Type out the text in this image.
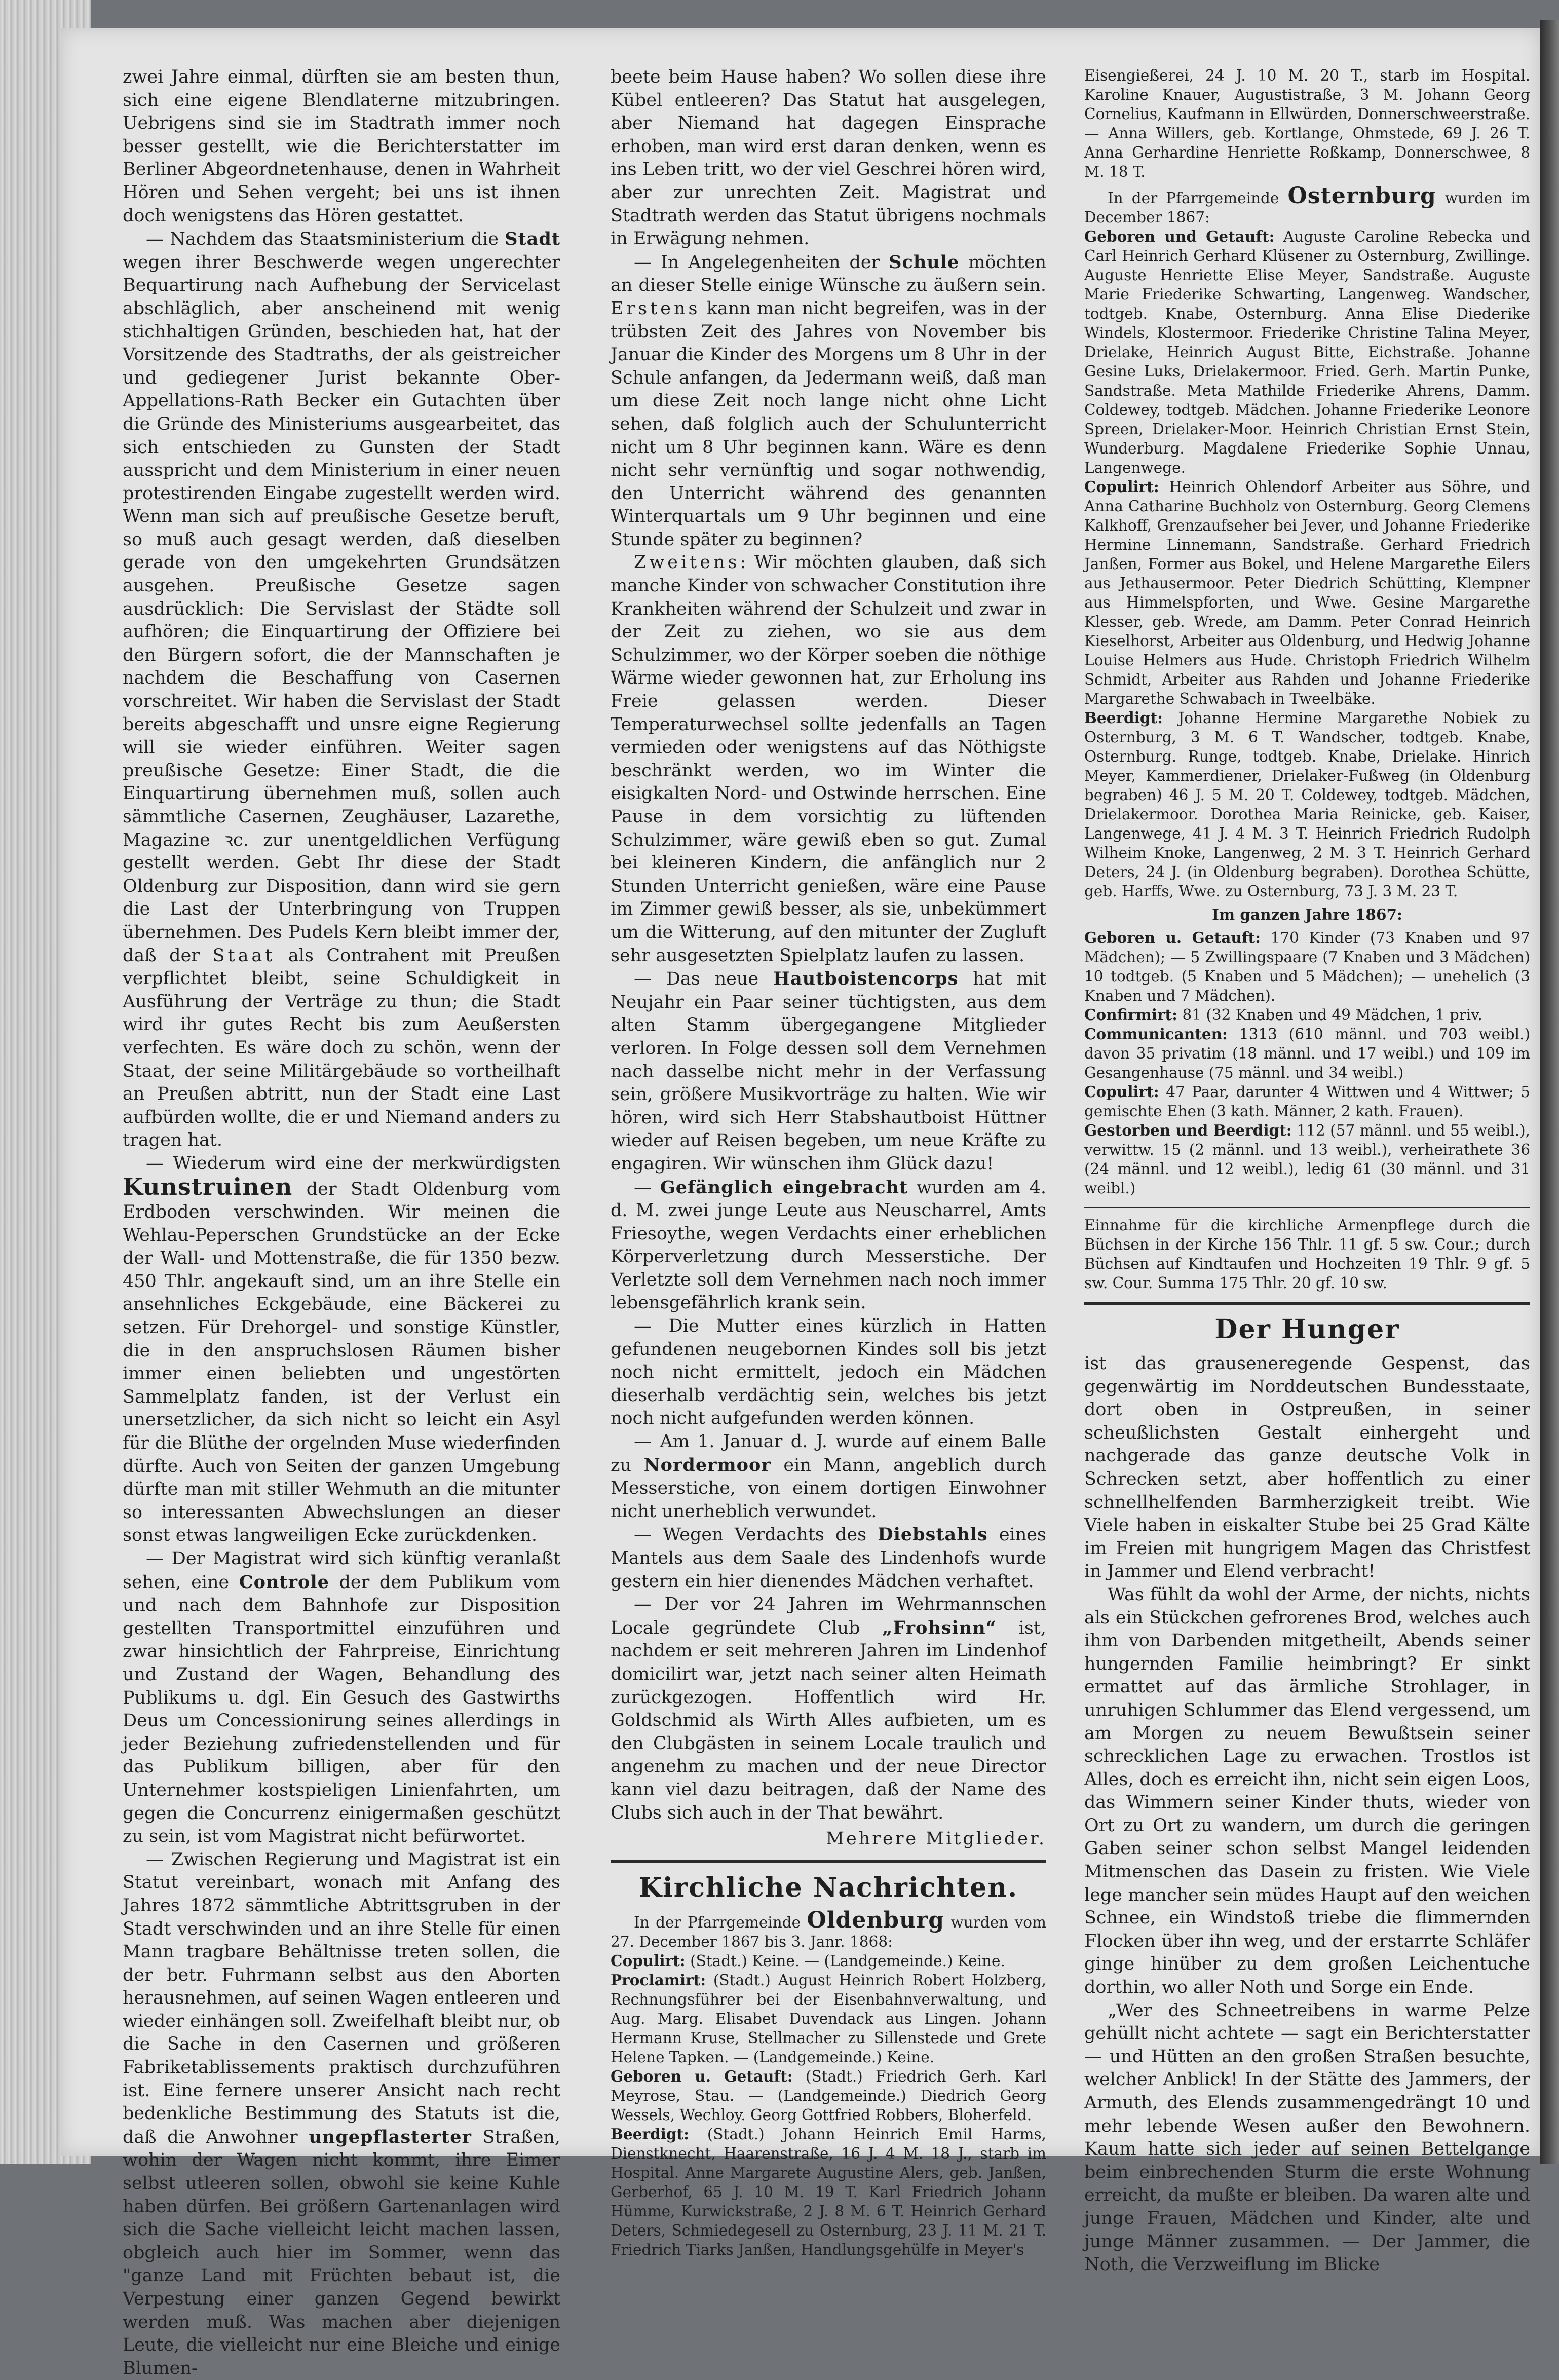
zwei Jahre einmal, dürften sie am besten thun, sich eine eigene Blendlaterne mitzubringen. Uebrigens sind sie im Stadtrath immer noch besser gestellt, wie die Berichterstatter im Berliner Abgeordnetenhause, denen in Wahrheit Hören und Sehen vergeht; bei uns ist ihnen doch wenigstens das Hören gestattet.

— Nachdem das Staatsministerium die Stadt wegen ihrer Beschwerde wegen ungerechter Bequartirung nach Aufhebung der Servicelast abschläglich, aber anscheinend mit wenig stichhaltigen Gründen, beschieden hat, hat der Vorsitzende des Stadtraths, der als geistreicher und gediegener Jurist bekannte Ober-Appellations-Rath Becker ein Gutachten über die Gründe des Ministeriums ausgearbeitet, das sich entschieden zu Gunsten der Stadt ausspricht und dem Ministerium in einer neuen protestirenden Eingabe zugestellt werden wird. Wenn man sich auf preußische Gesetze beruft, so muß auch gesagt werden, daß dieselben gerade von den umgekehrten Grundsätzen ausgehen. Preußische Gesetze sagen ausdrücklich: Die Servislast der Städte soll aufhören; die Einquartirung der Offiziere bei den Bürgern sofort, die der Mannschaften je nachdem die Beschaffung von Casernen vorschreitet. Wir haben die Servislast der Stadt bereits abgeschafft und unsre eigne Regierung will sie wieder einführen. Weiter sagen preußische Gesetze: Einer Stadt, die die Einquartirung übernehmen muß, sollen auch sämmtliche Casernen, Zeughäuser, Lazarethe, Magazine ꝛc. zur unentgeldlichen Verfügung gestellt werden. Gebt Ihr diese der Stadt Oldenburg zur Disposition, dann wird sie gern die Last der Unterbringung von Truppen übernehmen. Des Pudels Kern bleibt immer der, daß der Staat als Contrahent mit Preußen verpflichtet bleibt, seine Schuldigkeit in Ausführung der Verträge zu thun; die Stadt wird ihr gutes Recht bis zum Aeußersten verfechten. Es wäre doch zu schön, wenn der Staat, der seine Militärgebäude so vortheilhaft an Preußen abtritt, nun der Stadt eine Last aufbürden wollte, die er und Niemand anders zu tragen hat.

— Wiederum wird eine der merkwürdigsten Kunstruinen der Stadt Oldenburg vom Erdboden verschwinden. Wir meinen die Wehlau-Peperschen Grundstücke an der Ecke der Wall- und Mottenstraße, die für 1350 bezw. 450 Thlr. angekauft sind, um an ihre Stelle ein ansehnliches Eckgebäude, eine Bäckerei zu setzen. Für Drehorgel- und sonstige Künstler, die in den anspruchslosen Räumen bisher immer einen beliebten und ungestörten Sammelplatz fanden, ist der Verlust ein unersetzlicher, da sich nicht so leicht ein Asyl für die Blüthe der orgelnden Muse wiederfinden dürfte. Auch von Seiten der ganzen Umgebung dürfte man mit stiller Wehmuth an die mitunter so interessanten Abwechslungen an dieser sonst etwas langweiligen Ecke zurückdenken.

— Der Magistrat wird sich künftig veranlaßt sehen, eine Controle der dem Publikum vom und nach dem Bahnhofe zur Disposition gestellten Transportmittel einzuführen und zwar hinsichtlich der Fahrpreise, Einrichtung und Zustand der Wagen, Behandlung des Publikums u. dgl. Ein Gesuch des Gastwirths Deus um Concessionirung seines allerdings in jeder Beziehung zufriedenstellenden und für das Publikum billigen, aber für den Unternehmer kostspieligen Linienfahrten, um gegen die Concurrenz einigermaßen geschützt zu sein, ist vom Magistrat nicht befürwortet.

— Zwischen Regierung und Magistrat ist ein Statut vereinbart, wonach mit Anfang des Jahres 1872 sämmtliche Abtrittsgruben in der Stadt verschwinden und an ihre Stelle für einen Mann tragbare Behältnisse treten sollen, die der betr. Fuhrmann selbst aus den Aborten herausnehmen, auf seinen Wagen entleeren und wieder einhängen soll. Zweifelhaft bleibt nur, ob die Sache in den Casernen und größeren Fabriketablissements praktisch durchzuführen ist. Eine fernere unserer Ansicht nach recht bedenkliche Bestimmung des Statuts ist die, daß die Anwohner ungepflasterter Straßen, wohin der Wagen nicht kommt, ihre Eimer selbst utleeren sollen, obwohl sie keine Kuhle haben dürfen. Bei größern Gartenanlagen wird sich die Sache vielleicht leicht machen lassen, obgleich auch hier im Sommer, wenn das "ganze Land mit Früchten bebaut ist, die Verpestung einer ganzen Gegend bewirkt werden muß. Was machen aber diejenigen Leute, die vielleicht nur eine Bleiche und einige Blumen-

beete beim Hause haben? Wo sollen diese ihre Kübel entleeren? Das Statut hat ausgelegen, aber Niemand hat dagegen Einsprache erhoben, man wird erst daran denken, wenn es ins Leben tritt, wo der viel Geschrei hören wird, aber zur unrechten Zeit. Magistrat und Stadtrath werden das Statut übrigens nochmals in Erwägung nehmen.

— In Angelegenheiten der Schule möchten an dieser Stelle einige Wünsche zu äußern sein. Erstens kann man nicht begreifen, was in der trübsten Zeit des Jahres von November bis Januar die Kinder des Morgens um 8 Uhr in der Schule anfangen, da Jedermann weiß, daß man um diese Zeit noch lange nicht ohne Licht sehen, daß folglich auch der Schulunterricht nicht um 8 Uhr beginnen kann. Wäre es denn nicht sehr vernünftig und sogar nothwendig, den Unterricht während des genannten Winterquartals um 9 Uhr beginnen und eine Stunde später zu beginnen?

Zweitens: Wir möchten glauben, daß sich manche Kinder von schwacher Constitution ihre Krankheiten während der Schulzeit und zwar in der Zeit zu ziehen, wo sie aus dem Schulzimmer, wo der Körper soeben die nöthige Wärme wieder gewonnen hat, zur Erholung ins Freie gelassen werden. Dieser Temperaturwechsel sollte jedenfalls an Tagen vermieden oder wenigstens auf das Nöthigste beschränkt werden, wo im Winter die eisigkalten Nord- und Ostwinde herrschen. Eine Pause in dem vorsichtig zu lüftenden Schulzimmer, wäre gewiß eben so gut. Zumal bei kleineren Kindern, die anfänglich nur 2 Stunden Unterricht genießen, wäre eine Pause im Zimmer gewiß besser, als sie, unbekümmert um die Witterung, auf den mitunter der Zugluft sehr ausgesetzten Spielplatz laufen zu lassen.

— Das neue Hautboistencorps hat mit Neujahr ein Paar seiner tüchtigsten, aus dem alten Stamm übergegangene Mitglieder verloren. In Folge dessen soll dem Vernehmen nach dasselbe nicht mehr in der Verfassung sein, größere Musikvorträge zu halten. Wie wir hören, wird sich Herr Stabshautboist Hüttner wieder auf Reisen begeben, um neue Kräfte zu engagiren. Wir wünschen ihm Glück dazu!

— Gefänglich eingebracht wurden am 4. d. M. zwei junge Leute aus Neuscharrel, Amts Friesoythe, wegen Verdachts einer erheblichen Körperverletzung durch Messerstiche. Der Verletzte soll dem Vernehmen nach noch immer lebensgefährlich krank sein.

— Die Mutter eines kürzlich in Hatten gefundenen neugebornen Kindes soll bis jetzt noch nicht ermittelt, jedoch ein Mädchen dieserhalb verdächtig sein, welches bis jetzt noch nicht aufgefunden werden können.

— Am 1. Januar d. J. wurde auf einem Balle zu Nordermoor ein Mann, angeblich durch Messerstiche, von einem dortigen Einwohner nicht unerheblich verwundet.

— Wegen Verdachts des Diebstahls eines Mantels aus dem Saale des Lindenhofs wurde gestern ein hier dienendes Mädchen verhaftet.

— Der vor 24 Jahren im Wehrmannschen Locale gegründete Club „Frohsinn“ ist, nachdem er seit mehreren Jahren im Lindenhof domicilirt war, jetzt nach seiner alten Heimath zurückgezogen. Hoffentlich wird Hr. Goldschmid als Wirth Alles aufbieten, um es den Clubgästen in seinem Locale traulich und angenehm zu machen und der neue Director kann viel dazu beitragen, daß der Name des Clubs sich auch in der That bewährt.

Mehrere Mitglieder.

Kirchliche Nachrichten.

In der Pfarrgemeinde Oldenburg wurden vom 27. December 1867 bis 3. Janr. 1868:

Copulirt: (Stadt.) Keine. — (Landgemeinde.) Keine.

Proclamirt: (Stadt.) August Heinrich Robert Holzberg, Rechnungsführer bei der Eisenbahnverwaltung, und Aug. Marg. Elisabet Duvendack aus Lingen. Johann Hermann Kruse, Stellmacher zu Sillenstede und Grete Helene Tapken. — (Landgemeinde.) Keine.

Geboren u. Getauft: (Stadt.) Friedrich Gerh. Karl Meyrose, Stau. — (Landgemeinde.) Diedrich Georg Wessels, Wechloy. Georg Gottfried Robbers, Bloherfeld.

Beerdigt: (Stadt.) Johann Heinrich Emil Harms, Dienstknecht, Haarenstraße, 16 J. 4 M. 18 J., starb im Hospital. Anne Margarete Augustine Alers, geb. Janßen, Gerberhof, 65 J. 10 M. 19 T. Karl Friedrich Johann Hümme, Kurwickstraße, 2 J. 8 M. 6 T. Heinrich Gerhard Deters, Schmiedegesell zu Osternburg, 23 J. 11 M. 21 T. Friedrich Tiarks Janßen, Handlungsgehülfe in Meyer's

Eisengießerei, 24 J. 10 M. 20 T., starb im Hospital. Karoline Knauer, Augustistraße, 3 M. Johann Georg Cornelius, Kaufmann in Ellwürden, Donnerschweerstraße. — Anna Willers, geb. Kortlange, Ohmstede, 69 J. 26 T. Anna Gerhardine Henriette Roßkamp, Donnerschwee, 8 M. 18 T.

In der Pfarrgemeinde Osternburg wurden im December 1867:

Geboren und Getauft: Auguste Caroline Rebecka und Carl Heinrich Gerhard Klüsener zu Osternburg, Zwillinge. Auguste Henriette Elise Meyer, Sandstraße. Auguste Marie Friederike Schwarting, Langenweg. Wandscher, todtgeb. Knabe, Osternburg. Anna Elise Diederike Windels, Klostermoor. Friederike Christine Talina Meyer, Drielake, Heinrich August Bitte, Eichstraße. Johanne Gesine Luks, Drielakermoor. Fried. Gerh. Martin Punke, Sandstraße. Meta Mathilde Friederike Ahrens, Damm. Coldewey, todtgeb. Mädchen. Johanne Friederike Leonore Spreen, Drielaker-Moor. Heinrich Christian Ernst Stein, Wunderburg. Magdalene Friederike Sophie Unnau, Langenwege.

Copulirt: Heinrich Ohlendorf Arbeiter aus Söhre, und Anna Catharine Buchholz von Osternburg. Georg Clemens Kalkhoff, Grenzaufseher bei Jever, und Johanne Friederike Hermine Linnemann, Sandstraße. Gerhard Friedrich Janßen, Former aus Bokel, und Helene Margarethe Eilers aus Jethausermoor. Peter Diedrich Schütting, Klempner aus Himmelspforten, und Wwe. Gesine Margarethe Klesser, geb. Wrede, am Damm. Peter Conrad Heinrich Kieselhorst, Arbeiter aus Oldenburg, und Hedwig Johanne Louise Helmers aus Hude. Christoph Friedrich Wilhelm Schmidt, Arbeiter aus Rahden und Johanne Friederike Margarethe Schwabach in Tweelbäke.

Beerdigt: Johanne Hermine Margarethe Nobiek zu Osternburg, 3 M. 6 T. Wandscher, todtgeb. Knabe, Osternburg. Runge, todtgeb. Knabe, Drielake. Hinrich Meyer, Kammerdiener, Drielaker-Fußweg (in Oldenburg begraben) 46 J. 5 M. 20 T. Coldewey, todtgeb. Mädchen, Drielakermoor. Dorothea Maria Reinicke, geb. Kaiser, Langenwege, 41 J. 4 M. 3 T. Heinrich Friedrich Rudolph Wilheim Knoke, Langenweg, 2 M. 3 T. Heinrich Gerhard Deters, 24 J. (in Oldenburg begraben). Dorothea Schütte, geb. Harffs, Wwe. zu Osternburg, 73 J. 3 M. 23 T.

Im ganzen Jahre 1867:

Geboren u. Getauft: 170 Kinder (73 Knaben und 97 Mädchen); — 5 Zwillingspaare (7 Knaben und 3 Mädchen) 10 todtgeb. (5 Knaben und 5 Mädchen); — unehelich (3 Knaben und 7 Mädchen).

Confirmirt: 81 (32 Knaben und 49 Mädchen, 1 priv.

Communicanten: 1313 (610 männl. und 703 weibl.) davon 35 privatim (18 männl. und 17 weibl.) und 109 im Gesangenhause (75 männl. und 34 weibl.)

Copulirt: 47 Paar, darunter 4 Wittwen und 4 Wittwer; 5 gemischte Ehen (3 kath. Männer, 2 kath. Frauen).

Gestorben und Beerdigt: 112 (57 männl. und 55 weibl.), verwittw. 15 (2 männl. und 13 weibl.), verheirathete 36 (24 männl. und 12 weibl.), ledig 61 (30 männl. und 31 weibl.)

Einnahme für die kirchliche Armenpflege durch die Büchsen in der Kirche 156 Thlr. 11 gf. 5 sw. Cour.; durch Büchsen auf Kindtaufen und Hochzeiten 19 Thlr. 9 gf. 5 sw. Cour. Summa 175 Thlr. 20 gf. 10 sw.

Der Hunger

ist das grauseneregende Gespenst, das gegenwärtig im Norddeutschen Bundesstaate, dort oben in Ostpreußen, in seiner scheußlichsten Gestalt einhergeht und nachgerade das ganze deutsche Volk in Schrecken setzt, aber hoffentlich zu einer schnellhelfenden Barmherzigkeit treibt. Wie Viele haben in eiskalter Stube bei 25 Grad Kälte im Freien mit hungrigem Magen das Christfest in Jammer und Elend verbracht!

Was fühlt da wohl der Arme, der nichts, nichts als ein Stückchen gefrorenes Brod, welches auch ihm von Darbenden mitgetheilt, Abends seiner hungernden Familie heimbringt? Er sinkt ermattet auf das ärmliche Strohlager, in unruhigen Schlummer das Elend vergessend, um am Morgen zu neuem Bewußtsein seiner schrecklichen Lage zu erwachen. Trostlos ist Alles, doch es erreicht ihn, nicht sein eigen Loos, das Wimmern seiner Kinder thuts, wieder von Ort zu Ort zu wandern, um durch die geringen Gaben seiner schon selbst Mangel leidenden Mitmenschen das Dasein zu fristen. Wie Viele lege mancher sein müdes Haupt auf den weichen Schnee, ein Windstoß triebe die flimmernden Flocken über ihn weg, und der erstarrte Schläfer ginge hinüber zu dem großen Leichentuche dorthin, wo aller Noth und Sorge ein Ende.

„Wer des Schneetreibens in warme Pelze gehüllt nicht achtete — sagt ein Berichterstatter — und Hütten an den großen Straßen besuchte, welcher Anblick! In der Stätte des Jammers, der Armuth, des Elends zusammengedrängt 10 und mehr lebende Wesen außer den Bewohnern. Kaum hatte sich jeder auf seinen Bettelgange beim einbrechenden Sturm die erste Wohnung erreicht, da mußte er bleiben. Da waren alte und junge Frauen, Mädchen und Kinder, alte und junge Männer zusammen. — Der Jammer, die Noth, die Verzweiflung im Blicke
